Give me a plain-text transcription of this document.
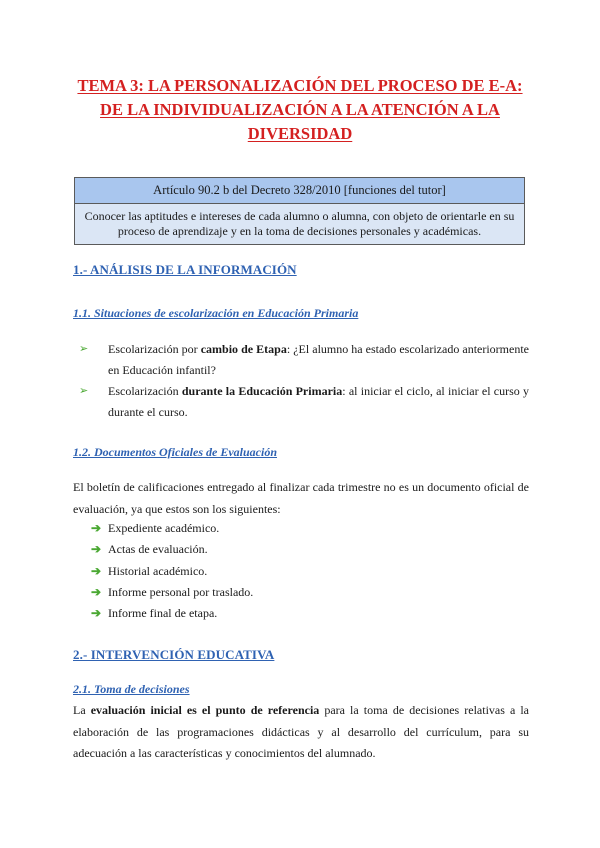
TEMA 3: LA PERSONALIZACIÓN DEL PROCESO DE E-A:
DE LA INDIVIDUALIZACIÓN A LA ATENCIÓN A LA
DIVERSIDAD
Artículo 90.2 b del Decreto 328/2010 [funciones del tutor]
Conocer las aptitudes e intereses de cada alumno o alumna, con objeto de orientarle en su proceso de aprendizaje y en la toma de decisiones personales y académicas.
1.- ANÁLISIS DE LA INFORMACIÓN
1.1. Situaciones de escolarización en Educación Primaria
➢ Escolarización por cambio de Etapa: ¿El alumno ha estado escolarizado anteriormente en Educación infantil?
➢ Escolarización durante la Educación Primaria: al iniciar el ciclo, al iniciar el curso y durante el curso.
1.2. Documentos Oficiales de Evaluación

El boletín de calificaciones entregado al finalizar cada trimestre no es un documento oficial de evaluación, ya que estos son los siguientes:

➔ Expediente académico.
➔ Actas de evaluación.
➔ Historial académico.
➔ Informe personal por traslado.
➔ Informe final de etapa.
2.- INTERVENCIÓN EDUCATIVA
2.1. Toma de decisiones

La evaluación inicial es el punto de referencia para la toma de decisiones relativas a la elaboración de las programaciones didácticas y al desarrollo del currículum, para su adecuación a las características y conocimientos del alumnado.
